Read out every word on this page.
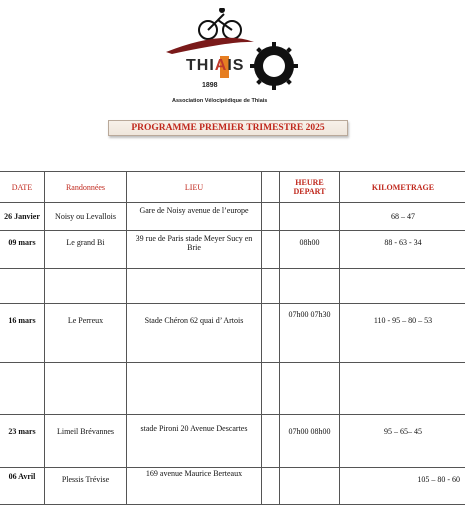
THIAIS
1898
Association Vélocipédique de Thiais
PROGRAMME PREMIER TRIMESTRE 2025
DATE	Randonnées	LIEU		HEURE DEPART	KILOMETRAGE
26 Janvier	Noisy ou Levallois	Gare de Noisy avenue de l’europe			68 – 47
09 mars	Le grand Bi	39 rue de Paris stade Meyer Sucy en Brie		08h00	88 - 63 - 34

16 mars	Le Perreux	Stade Chéron 62 quai d’ Artois		07h00 07h30	110 - 95 – 80 – 53

23 mars	Limeil Brévannes	stade Pironi 20 Avenue Descartes		07h00 08h00	95 – 65– 45
06 Avril	Plessis Trévise	169 avenue Maurice Berteaux			105 – 80 - 60
